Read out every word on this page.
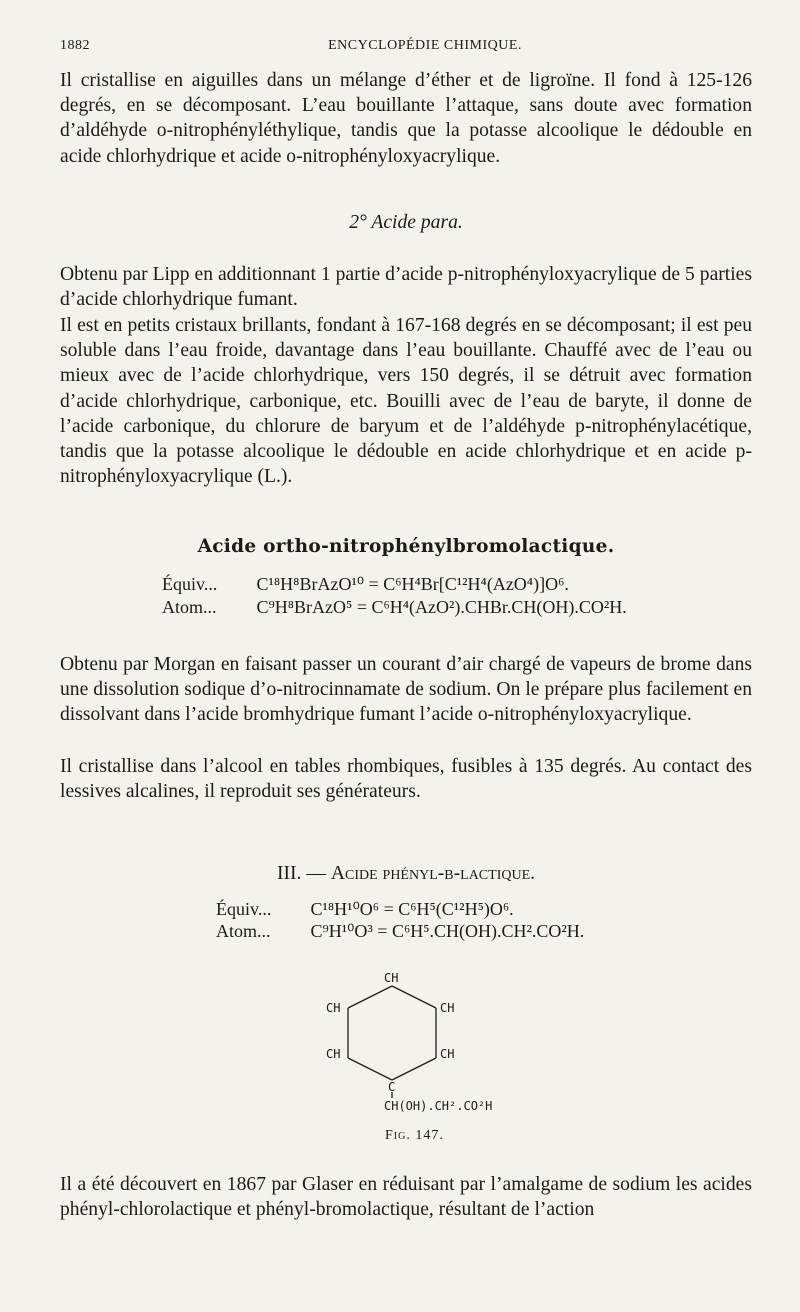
1882	ENCYCLOPÉDIE CHIMIQUE.

Il cristallise en aiguilles dans un mélange d’éther et de ligroïne. Il fond à 125-126 degrés, en se décomposant. L’eau bouillante l’attaque, sans doute avec formation d’aldéhyde o-nitrophényléthylique, tandis que la potasse alcoolique le dédouble en acide chlorhydrique et acide o-nitrophényloxyacrylique.

2° Acide para.

Obtenu par Lipp en additionnant 1 partie d’acide p-nitrophényloxyacrylique de 5 parties d’acide chlorhydrique fumant.

Il est en petits cristaux brillants, fondant à 167-168 degrés en se décomposant; il est peu soluble dans l’eau froide, davantage dans l’eau bouillante. Chauffé avec de l’eau ou mieux avec de l’acide chlorhydrique, vers 150 degrés, il se détruit avec formation d’acide chlorhydrique, carbonique, etc. Bouilli avec de l’eau de baryte, il donne de l’acide carbonique, du chlorure de baryum et de l’aldéhyde p-nitrophénylacétique, tandis que la potasse alcoolique le dédouble en acide chlorhydrique et en acide p-nitrophényloxyacrylique (L.).

Acide ortho-nitrophénylbromolactique.
Équiv... C¹⁸H⁸BrAzO¹⁰ = C⁶H⁴Br[C¹²H⁴(AzO⁴)]O⁶.
Atom... C⁹H⁸BrAzO⁵ = C⁶H⁴(AzO²).CHBr.CH(OH).CO²H.

Obtenu par Morgan en faisant passer un courant d’air chargé de vapeurs de brome dans une dissolution sodique d’o-nitrocinnamate de sodium. On le prépare plus facilement en dissolvant dans l’acide bromhydrique fumant l’acide o-nitrophényloxyacrylique.

Il cristallise dans l’alcool en tables rhombiques, fusibles à 135 degrés. Au contact des lessives alcalines, il reproduit ses générateurs.

III. — Acide phényl-β-lactique.
Équiv... C¹⁸H¹⁰O⁶ = C⁶H⁵(C¹²H⁵)O⁶.
Atom... C⁹H¹⁰O³ = C⁶H⁵.CH(OH).CH².CO²H.
CH
CH	CH
CH	CH
C
CH(OH).CH².CO²H
Fig. 147.

Il a été découvert en 1867 par Glaser en réduisant par l’amalgame de sodium les acides phényl-chlorolactique et phényl-bromolactique, résultant de l’action
